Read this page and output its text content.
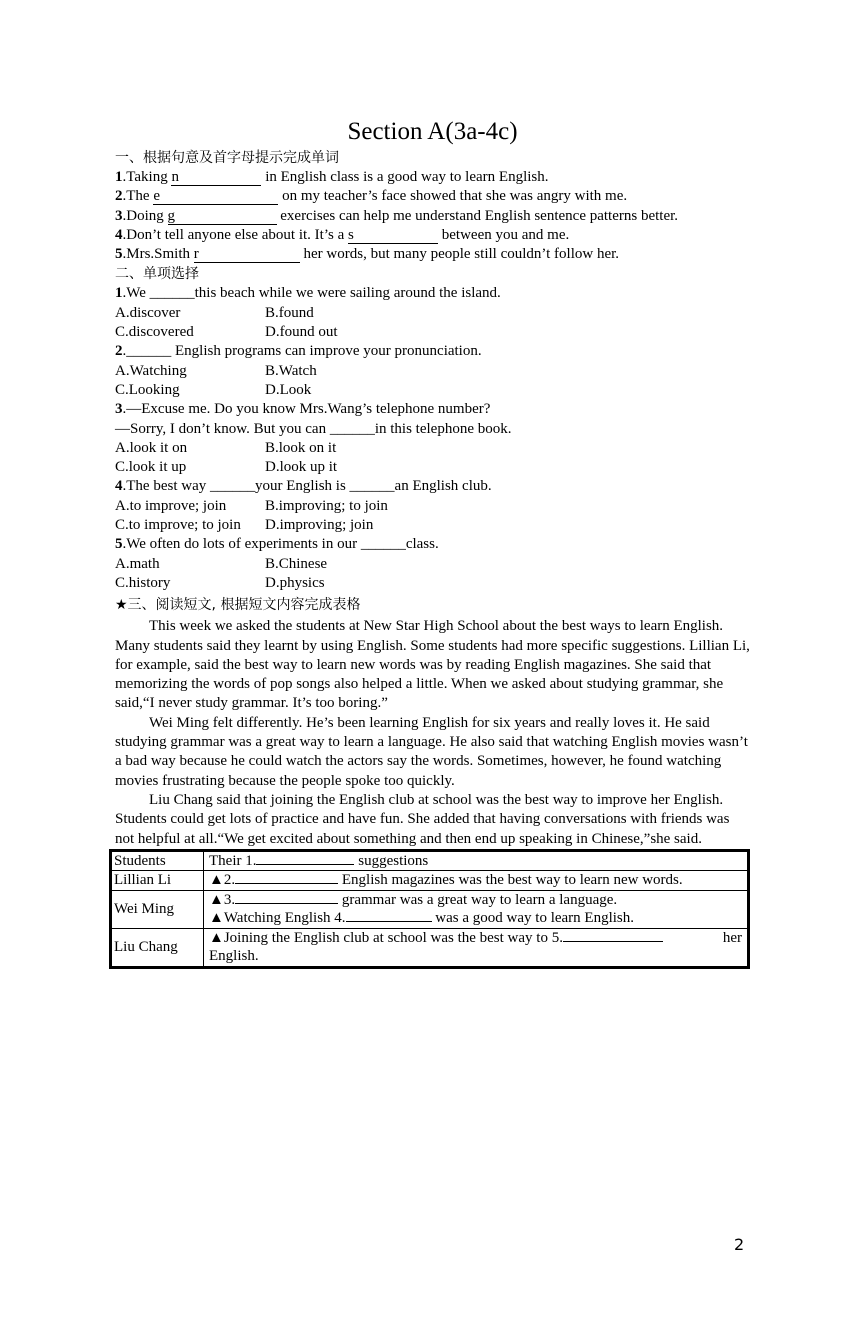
Section A(3a-4c)
一、根据句意及首字母提示完成单词
1.Taking n	in English class is a good way to learn English.
2.The e	on my teacher’s face showed that she was angry with me.
3.Doing g	exercises can help me understand English sentence patterns better.
4.Don’t tell anyone else about it. It’s a s	between you and me.
5.Mrs.Smith r	her words, but many people still couldn’t follow her.
二、单项选择
1.We ______this beach while we were sailing around the island.
A.discover	B.found
C.discovered	D.found out
2.______ English programs can improve your pronunciation.
A.Watching	B.Watch
C.Looking	D.Look
3.—Excuse me. Do you know Mrs.Wang’s telephone number?
—Sorry, I don’t know. But you can ______in this telephone book.
A.look it on	B.look on it
C.look it up	D.look up it
4.The best way ______your English is ______an English club.
A.to improve; join	B.improving; to join
C.to improve; to join	D.improving; join
5.We often do lots of experiments in our ______class.
A.math	B.Chinese
C.history	D.physics
★三、阅读短文, 根据短文内容完成表格

This week we asked the students at New Star High School about the best ways to learn English. Many students said they learnt by using English. Some students had more specific suggestions. Lillian Li, for example, said the best way to learn new words was by reading English magazines. She said that memorizing the words of pop songs also helped a little. When we asked about studying grammar, she said,“I never study grammar. It’s too boring.”

Wei Ming felt differently. He’s been learning English for six years and really loves it. He said studying grammar was a great way to learn a language. He also said that watching English movies wasn’t a bad way because he could watch the actors say the words. Sometimes, however, he found watching movies frustrating because the people spoke too quickly.

Liu Chang said that joining the English club at school was the best way to improve her English. Students could get lots of practice and have fun. She added that having conversations with friends was not helpful at all.“We get excited about something and then end up speaking in Chinese,”she said.

Students	Their 1. suggestions
Lillian Li	▲2. English magazines was the best way to learn new words.
Wei Ming	▲3. grammar was a great way to learn a language.
▲Watching English 4. was a good way to learn English.

Liu Chang	▲Joining the English club at school was the best way to 5. her
English.
2
